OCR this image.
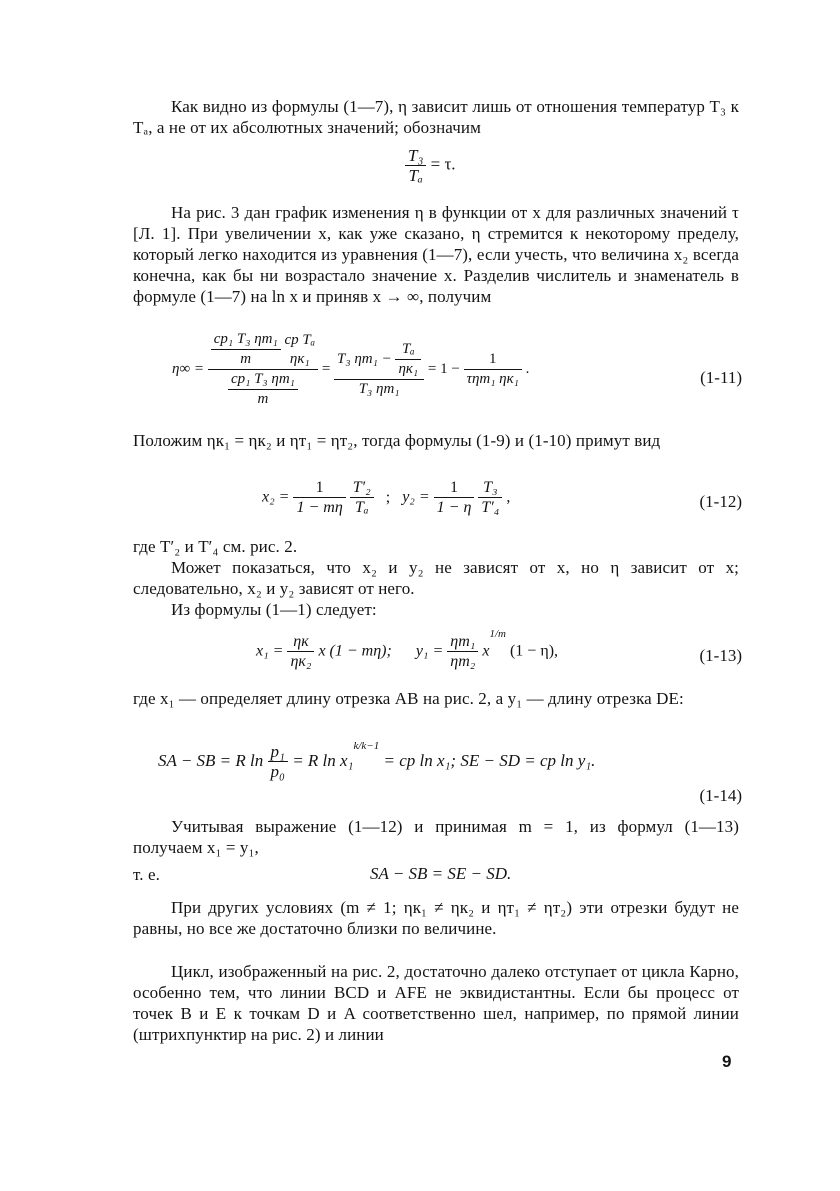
Как видно из формулы (1—7), η зависит лишь от отношения температур T₃ к Tₐ, а не от их абсолютных значений; обозначим
$\frac{\text{T₃}}{\text{Tₐ}} = \tau$.
На рис. 3 дан график изменения η в функции от x для различных значений τ [Л. 1]. При увеличении x, как уже сказано, η стремится к некоторому пределу, который легко находится из уравнения (1—7), если учесть, что величина x₂ всегда конечна, как бы ни возрастало значение x. Разделив числитель и знаменатель в формуле (1—7) на ln x и приняв x → ∞, получим
$\eta\infty = \frac{\text{cp₁ T₃ ηт₁}}{m}$
cp Tₐ
ηк₁
$\frac{\text{cp₁ T₃ ηт₁}}{m}$
= $\frac{T_3 \eta т_1 - \frac{\text{Tₐ}}{\text{ηк₁}}}{\text{T₃ ηт₁}} = 1 - \frac{1}{\text{τηт₁ ηк₁}}$ .	(1-11)
Положим ηк₁ = ηк₂ и ηт₁ = ηт₂, тогда формулы (1-9) и (1-10) примут вид
$x_2 = \frac{1}{1 - m\eta}$
$\frac{\text{T′₂}}{\text{Tₐ}}$ ; $y_2 = \frac{1}{1 - \eta}$
$\frac{\text{T₃}}{\text{T′₄}}$ ,	(1-12)
где T′₂ и T′₄ см. рис. 2.
Может показаться, что x₂ и y₂ не зависят от x, но η зависит от x; следовательно, x₂ и y₂ зависят от него.
Из формулы (1—1) следует:
$x_1 = \frac{\eta к}{\text{ηк₂}}$ x (1 − mη); $y_1 = \frac{\text{ηт₁}}{\text{ηт₂}} x^{1/m}$ (1 − η),	(1-13)
где x₁ — определяет длину отрезка AB на рис. 2, а y₁ — длину отрезка DE:
SA − SB = R $\ln \frac{\text{p₁}}{\text{p₀}} = R$ ln x₁$^{k/k-1}$ = cp ln x₁; SE − SD = cp ln y₁.
(1-14)
Учитывая выражение (1—12) и принимая m = 1, из формул (1—13) получаем x₁ = y₁,
т. е.	SA − SB = SE − SD.
При других условиях (m ≠ 1; ηк₁ ≠ ηк₂ и ηт₁ ≠ ηт₂) эти отрезки будут не равны, но все же достаточно близки по величине.
Цикл, изображенный на рис. 2, достаточно далеко отступает от цикла Карно, особенно тем, что линии BCD и AFE не эквидистантны. Если бы процесс от точек B и E к точкам D и A соответственно шел, например, по прямой линии (штрихпунктир на рис. 2) и линии
9
